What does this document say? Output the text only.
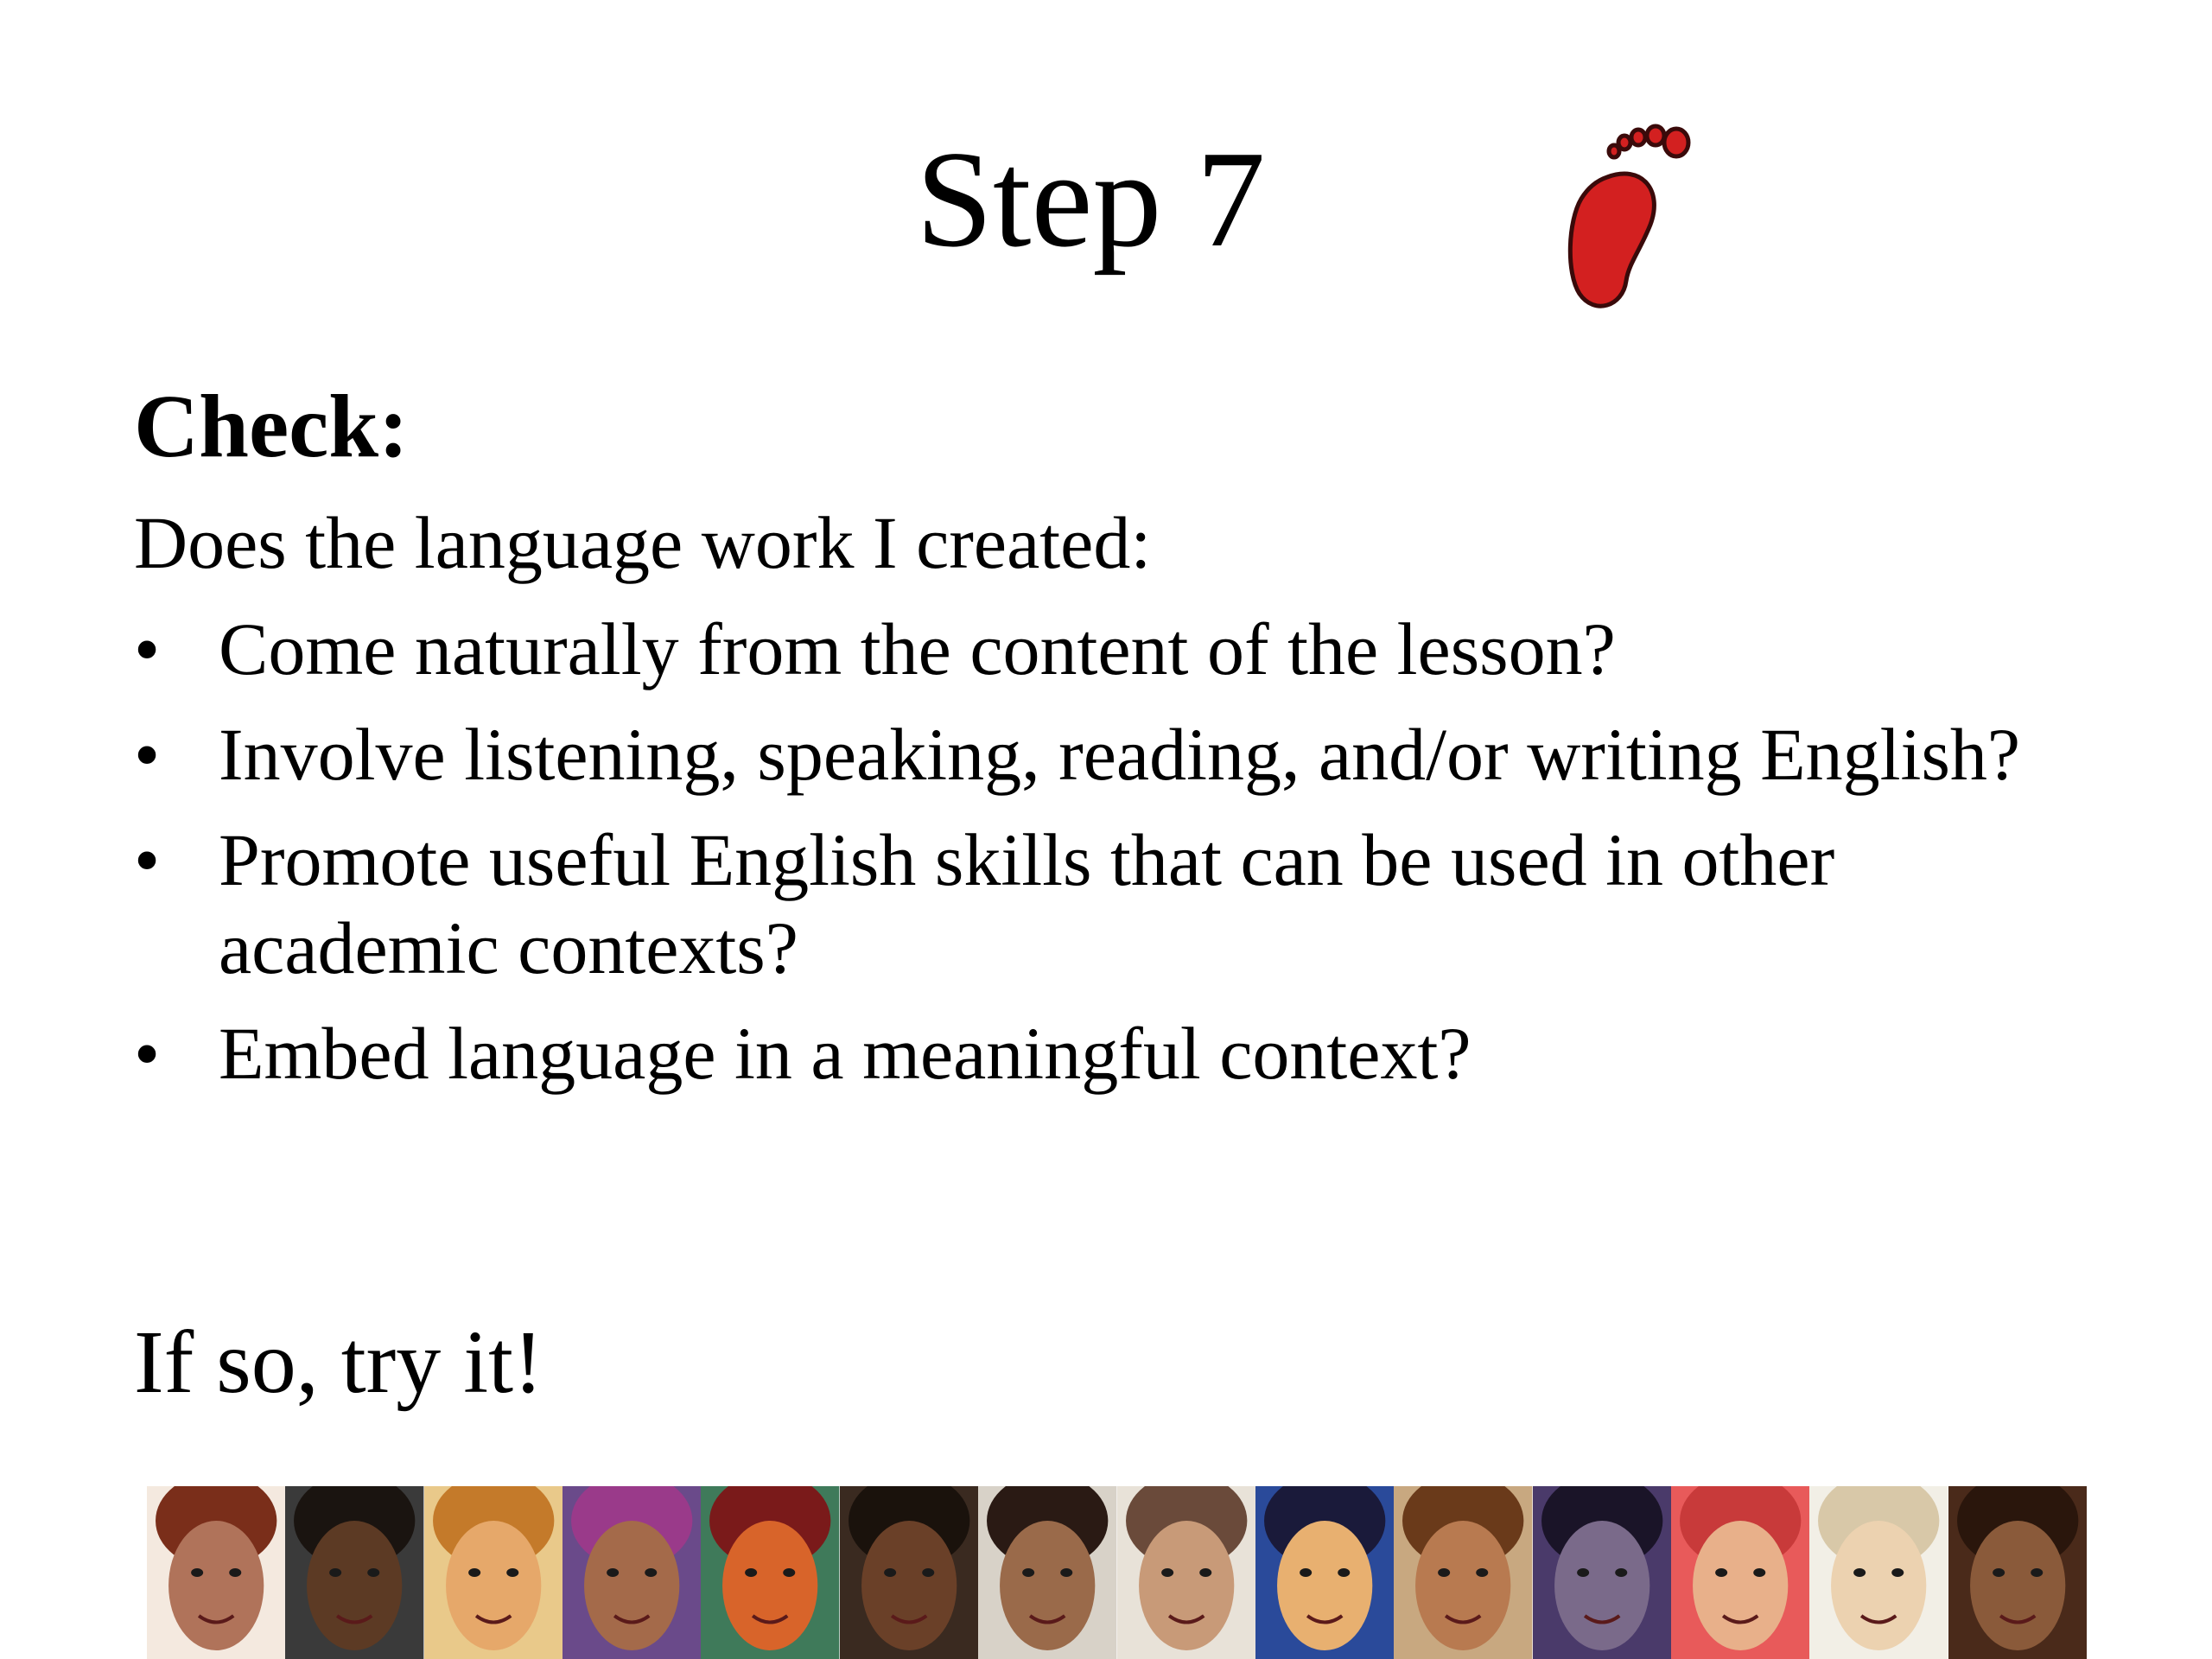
Step 7
Check:

Does the language work I created:

• Come naturally from the content of the lesson?
• Involve listening, speaking, reading, and/or writing English?
• Promote useful English skills that can be used in other academic contexts?
• Embed language in a meaningful context?

If so, try it!
